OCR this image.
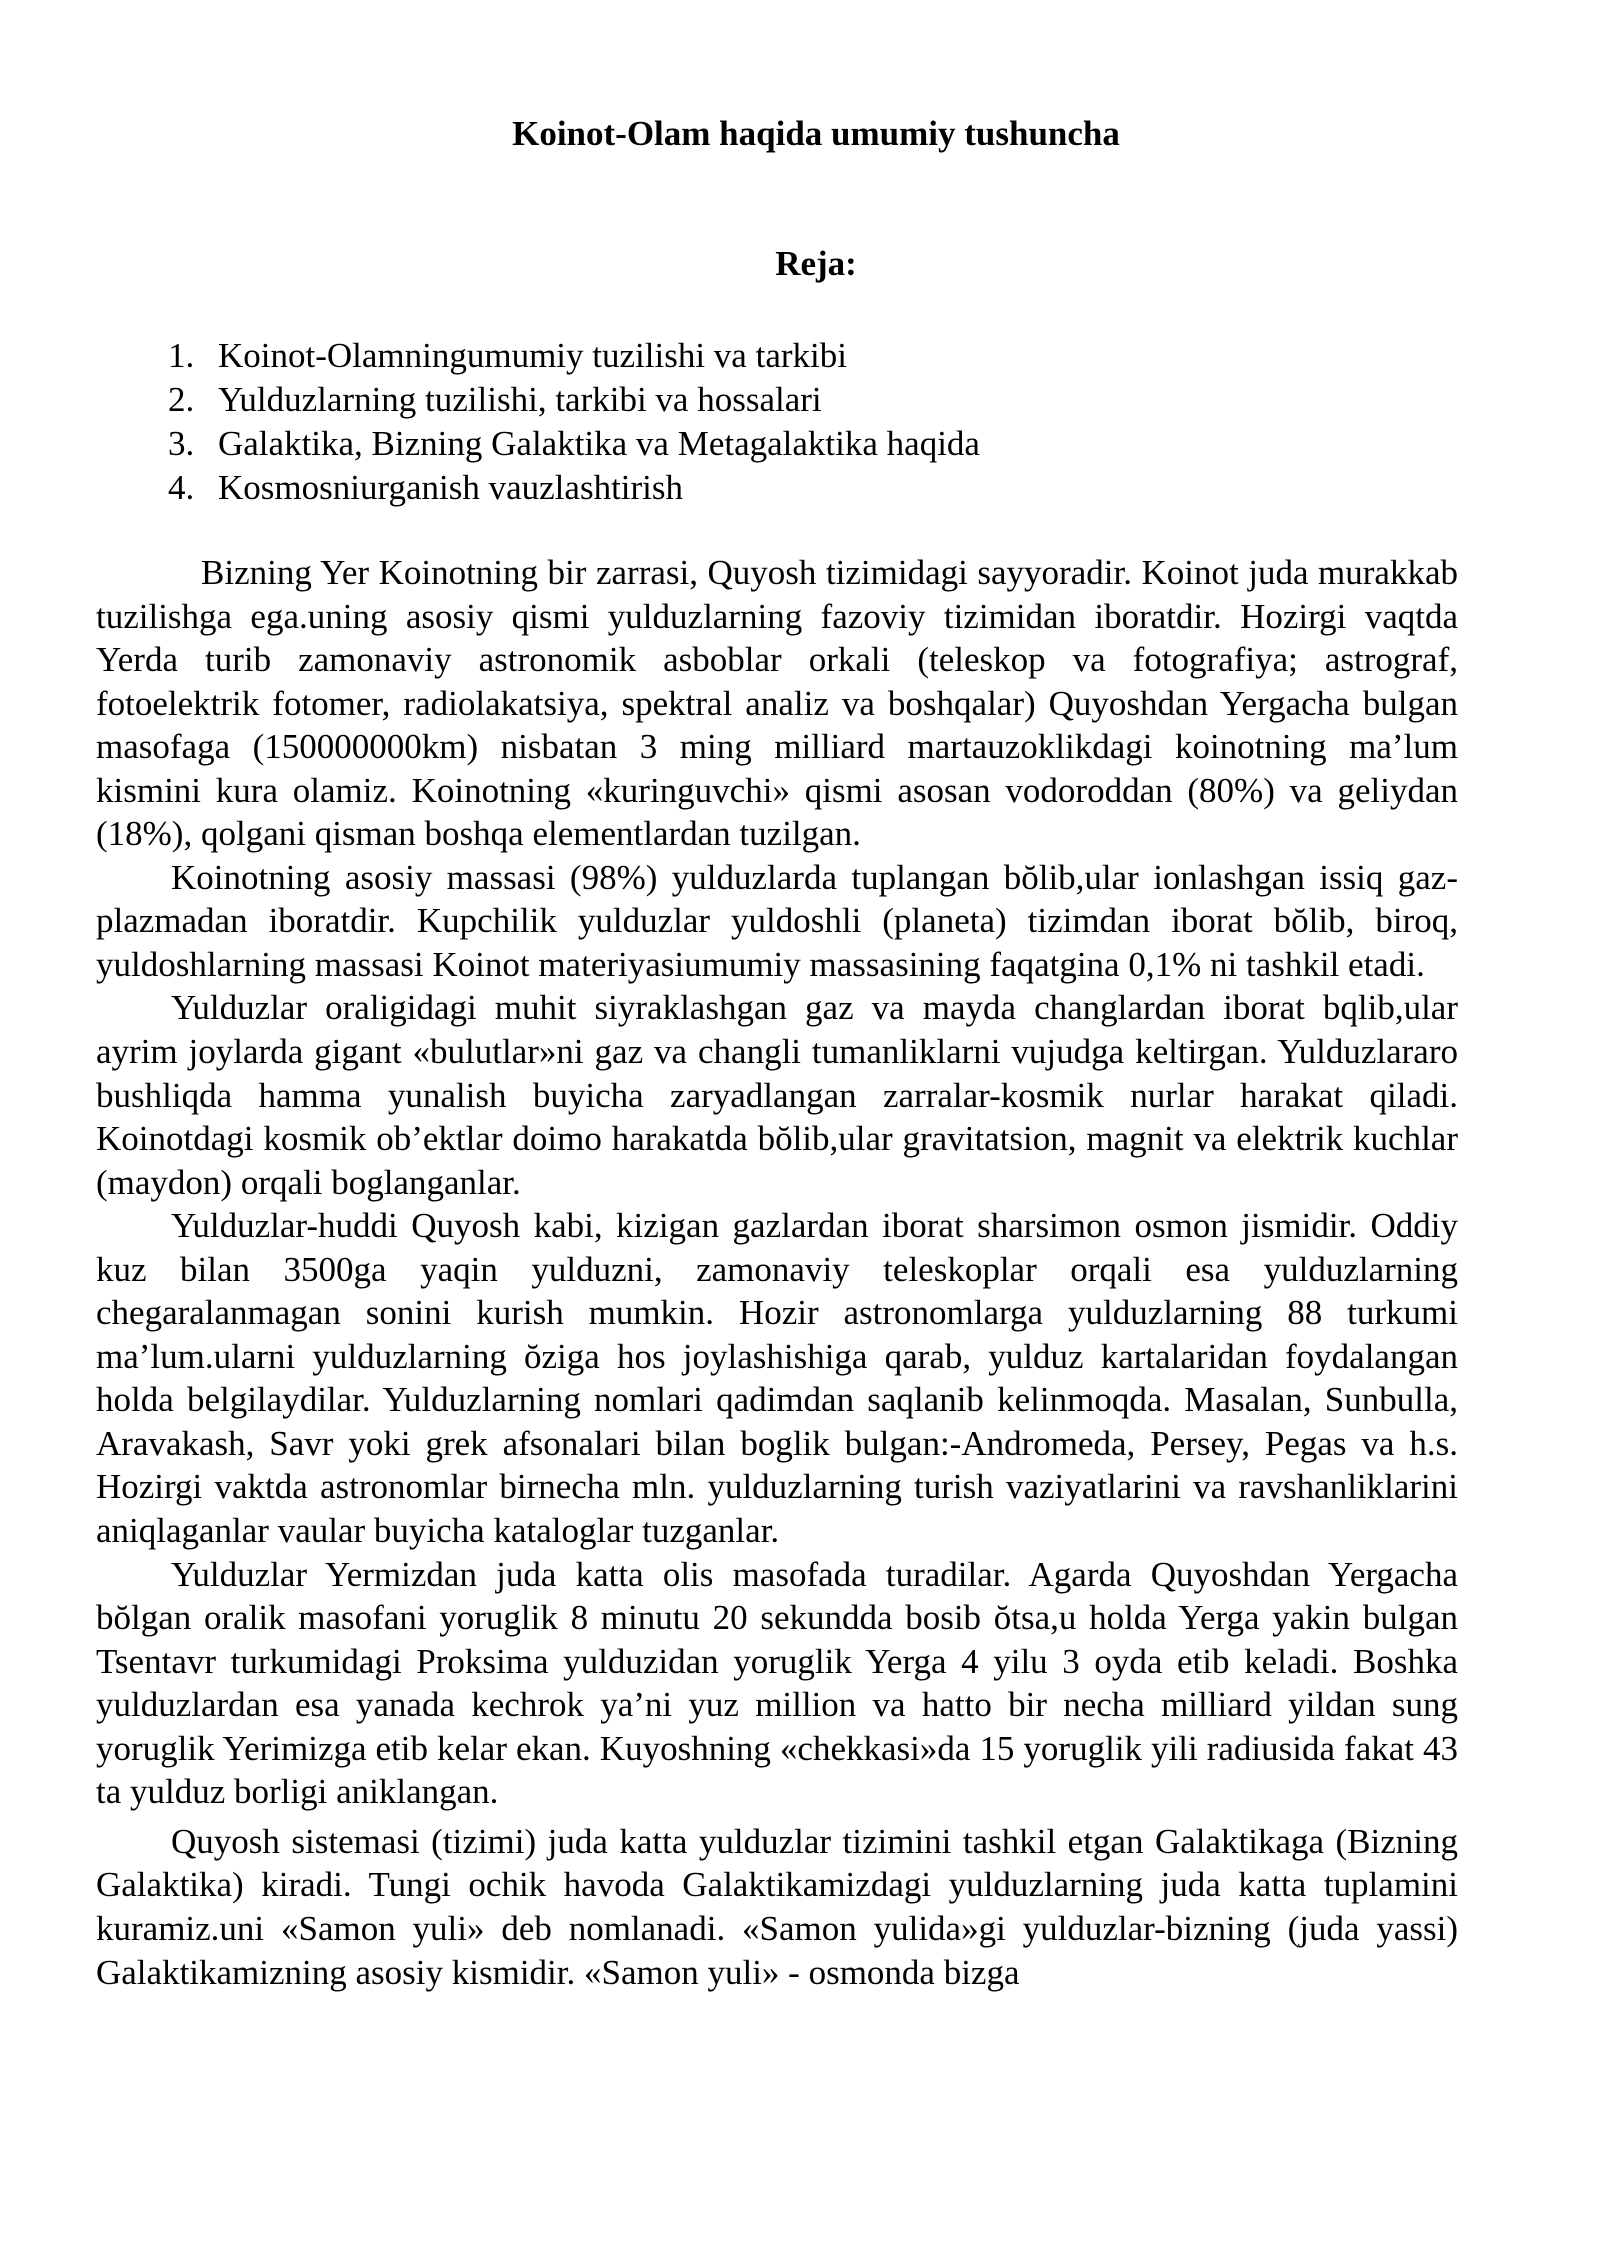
Koinot-Olam haqida umumiy tushuncha
Reja:
1. Koinot-Olamningumumiy tuzilishi va tarkibi
2. Yulduzlarning tuzilishi, tarkibi va hossalari
3. Galaktika, Bizning Galaktika va Metagalaktika haqida
4. Kosmosniurganish vauzlashtirish

Bizning Yer Koinotning bir zarrasi, Quyosh tizimidagi sayyoradir. Koinot juda murakkab tuzilishga ega.uning asosiy qismi yulduzlarning fazoviy tizimidan iboratdir. Hozirgi vaqtda Yerda turib zamonaviy astronomik asboblar orkali (teleskop va fotografiya; astrograf, fotoelektrik fotomer, radiolakatsiya, spektral analiz va boshqalar) Quyoshdan Yergacha bulgan masofaga (150000000km) nisbatan 3 ming milliard martauzoklikdagi koinotning ma’lum kismini kura olamiz. Koinotning «kuringuvchi» qismi asosan vodoroddan (80%) va geliydan (18%), qolgani qisman boshqa elementlardan tuzilgan.

Koinotning asosiy massasi (98%) yulduzlarda tuplangan bŏlib,ular ionlashgan issiq gaz-plazmadan iboratdir. Kupchilik yulduzlar yuldoshli (planeta) tizimdan iborat bŏlib, biroq, yuldoshlarning massasi Koinot materiyasiumumiy massasining faqatgina 0,1% ni tashkil etadi.

Yulduzlar oraligidagi muhit siyraklashgan gaz va mayda changlardan iborat bqlib,ular ayrim joylarda gigant «bulutlar»ni gaz va changli tumanliklarni vujudga keltirgan. Yulduzlararo bushliqda hamma yunalish buyicha zaryadlangan zarralar-kosmik nurlar harakat qiladi. Koinotdagi kosmik ob’ektlar doimo harakatda bŏlib,ular gravitatsion, magnit va elektrik kuchlar (maydon) orqali boglanganlar.

Yulduzlar-huddi Quyosh kabi, kizigan gazlardan iborat sharsimon osmon jismidir. Oddiy kuz bilan 3500ga yaqin yulduzni, zamonaviy teleskoplar orqali esa yulduzlarning chegaralanmagan sonini kurish mumkin. Hozir astronomlarga yulduzlarning 88 turkumi ma’lum.ularni yulduzlarning ŏziga hos joylashishiga qarab, yulduz kartalaridan foydalangan holda belgilaydilar. Yulduzlarning nomlari qadimdan saqlanib kelinmoqda. Masalan, Sunbulla, Aravakash, Savr yoki grek afsonalari bilan boglik bulgan:-Andromeda, Persey, Pegas va h.s. Hozirgi vaktda astronomlar birnecha mln. yulduzlarning turish vaziyatlarini va ravshanliklarini aniqlaganlar vaular buyicha kataloglar tuzganlar.

Yulduzlar Yermizdan juda katta olis masofada turadilar. Agarda Quyoshdan Yergacha bŏlgan oralik masofani yoruglik 8 minutu 20 sekundda bosib ŏtsa,u holda Yerga yakin bulgan Tsentavr turkumidagi Proksima yulduzidan yoruglik Yerga 4 yilu 3 oyda etib keladi. Boshka yulduzlardan esa yanada kechrok ya’ni yuz million va hatto bir necha milliard yildan sung yoruglik Yerimizga etib kelar ekan. Kuyoshning «chekkasi»da 15 yoruglik yili radiusida fakat 43 ta yulduz borligi aniklangan.

Quyosh sistemasi (tizimi) juda katta yulduzlar tizimini tashkil etgan Galaktikaga (Bizning Galaktika) kiradi. Tungi ochik havoda Galaktikamizdagi yulduzlarning juda katta tuplamini kuramiz.uni «Samon yuli» deb nomlanadi. «Samon yulida»gi yulduzlar-bizning (juda yassi) Galaktikamizning asosiy kismidir. «Samon yuli» - osmonda bizga
